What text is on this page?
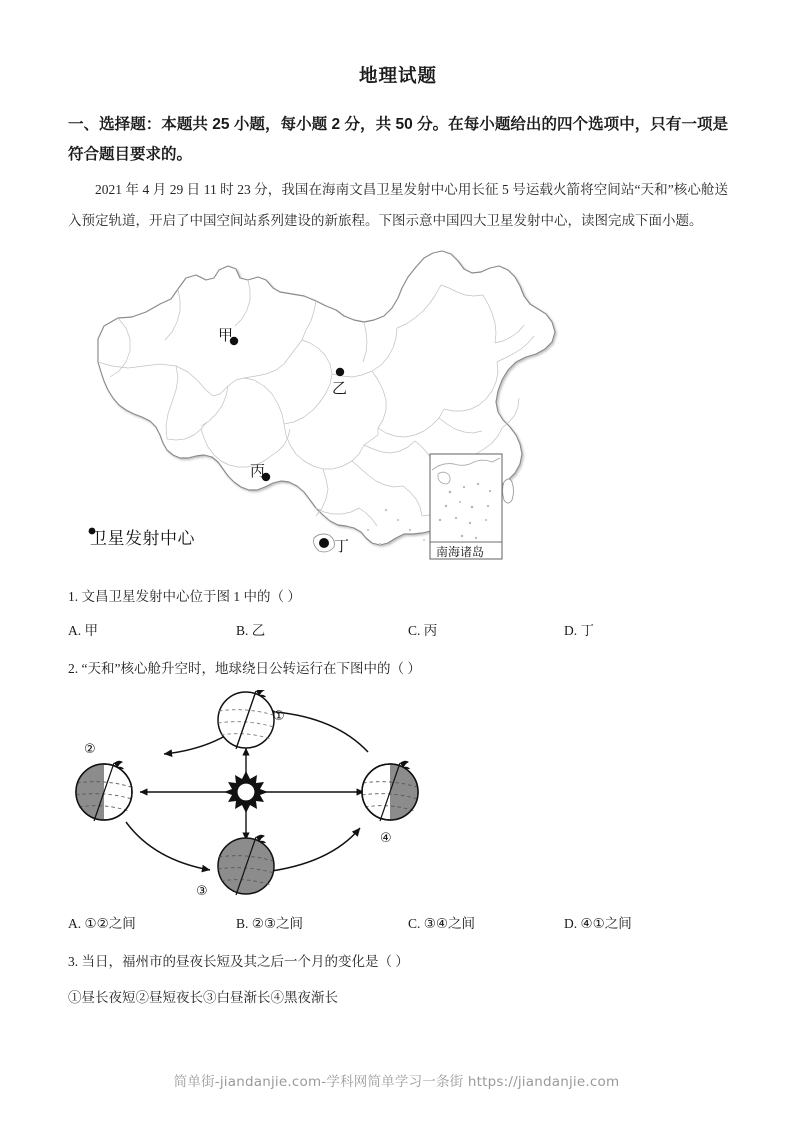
地理试题
一、选择题：本题共 25 小题，每小题 2 分，共 50 分。在每小题给出的四个选项中，只有一项是符合题目要求的。
2021 年 4 月 29 日 11 时 23 分，我国在海南文昌卫星发射中心用长征 5 号运载火箭将空间站“天和”核心舱送入预定轨道，开启了中国空间站系列建设的新旅程。下图示意中国四大卫星发射中心，读图完成下面小题。
甲
乙
丙
丁
卫星发射中心
南海诸岛
1. 文昌卫星发射中心位于图 1 中的（ ）
A. 甲	B. 乙	C. 丙	D. 丁
2. “天和”核心舱升空时，地球绕日公转运行在下图中的（ ）
①
②
③
④
A. ①②之间	B. ②③之间	C. ③④之间	D. ④①之间
3. 当日，福州市的昼夜长短及其之后一个月的变化是（ ）
①昼长夜短②昼短夜长③白昼渐长④黑夜渐长
简单街-jiandanjie.com-学科网简单学习一条街 https://jiandanjie.com
